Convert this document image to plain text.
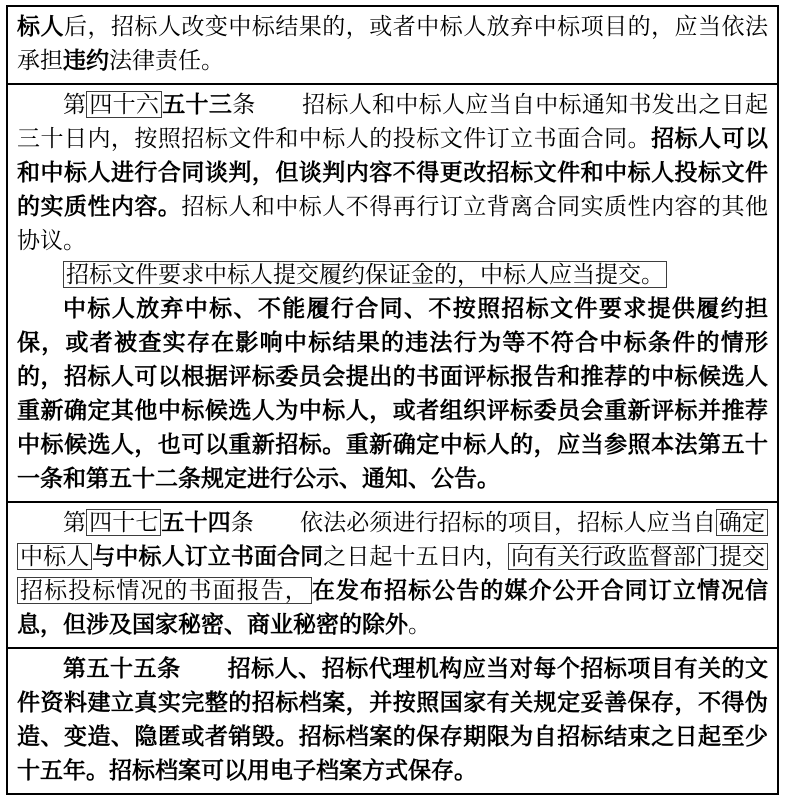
标人后，招标人改变中标结果的，或者中标人放弃中标项目的，应当依法承担违约法律责任。

第 四十六 五十三条　　招标人和中标人应当自中标通知书发出之日起三十日内，按照招标文件和中标人的投标文件订立书面合同。招标人可以和中标人进行合同谈判，但谈判内容不得更改招标文件和中标人投标文件的实质性内容。招标人和中标人不得再行订立背离合同实质性内容的其他协议。

招标文件要求中标人提交履约保证金的，中标人应当提交。

中标人放弃中标、不能履行合同、不按照招标文件要求提供履约担保，或者被查实存在影响中标结果的违法行为等不符合中标条件的情形的，招标人可以根据评标委员会提出的书面评标报告和推荐的中标候选人重新确定其他中标候选人为中标人，或者组织评标委员会重新评标并推荐中标候选人，也可以重新招标。重新确定中标人的，应当参照本法第五十一条和第五十二条规定进行公示、通知、公告。

第 四十七 五十四条　　依法必须进行招标的项目，招标人应当自 确定中标人 与中标人订立书面合同之日起十五日内， 向有关行政监督部门提交招标投标情况的书面报告， 在发布招标公告的媒介公开合同订立情况信息，但涉及国家秘密、商业秘密的除外。

第五十五条　　招标人、招标代理机构应当对每个招标项目有关的文件资料建立真实完整的招标档案，并按照国家有关规定妥善保存，不得伪造、变造、隐匿或者销毁。招标档案的保存期限为自招标结束之日起至少十五年。招标档案可以用电子档案方式保存。
